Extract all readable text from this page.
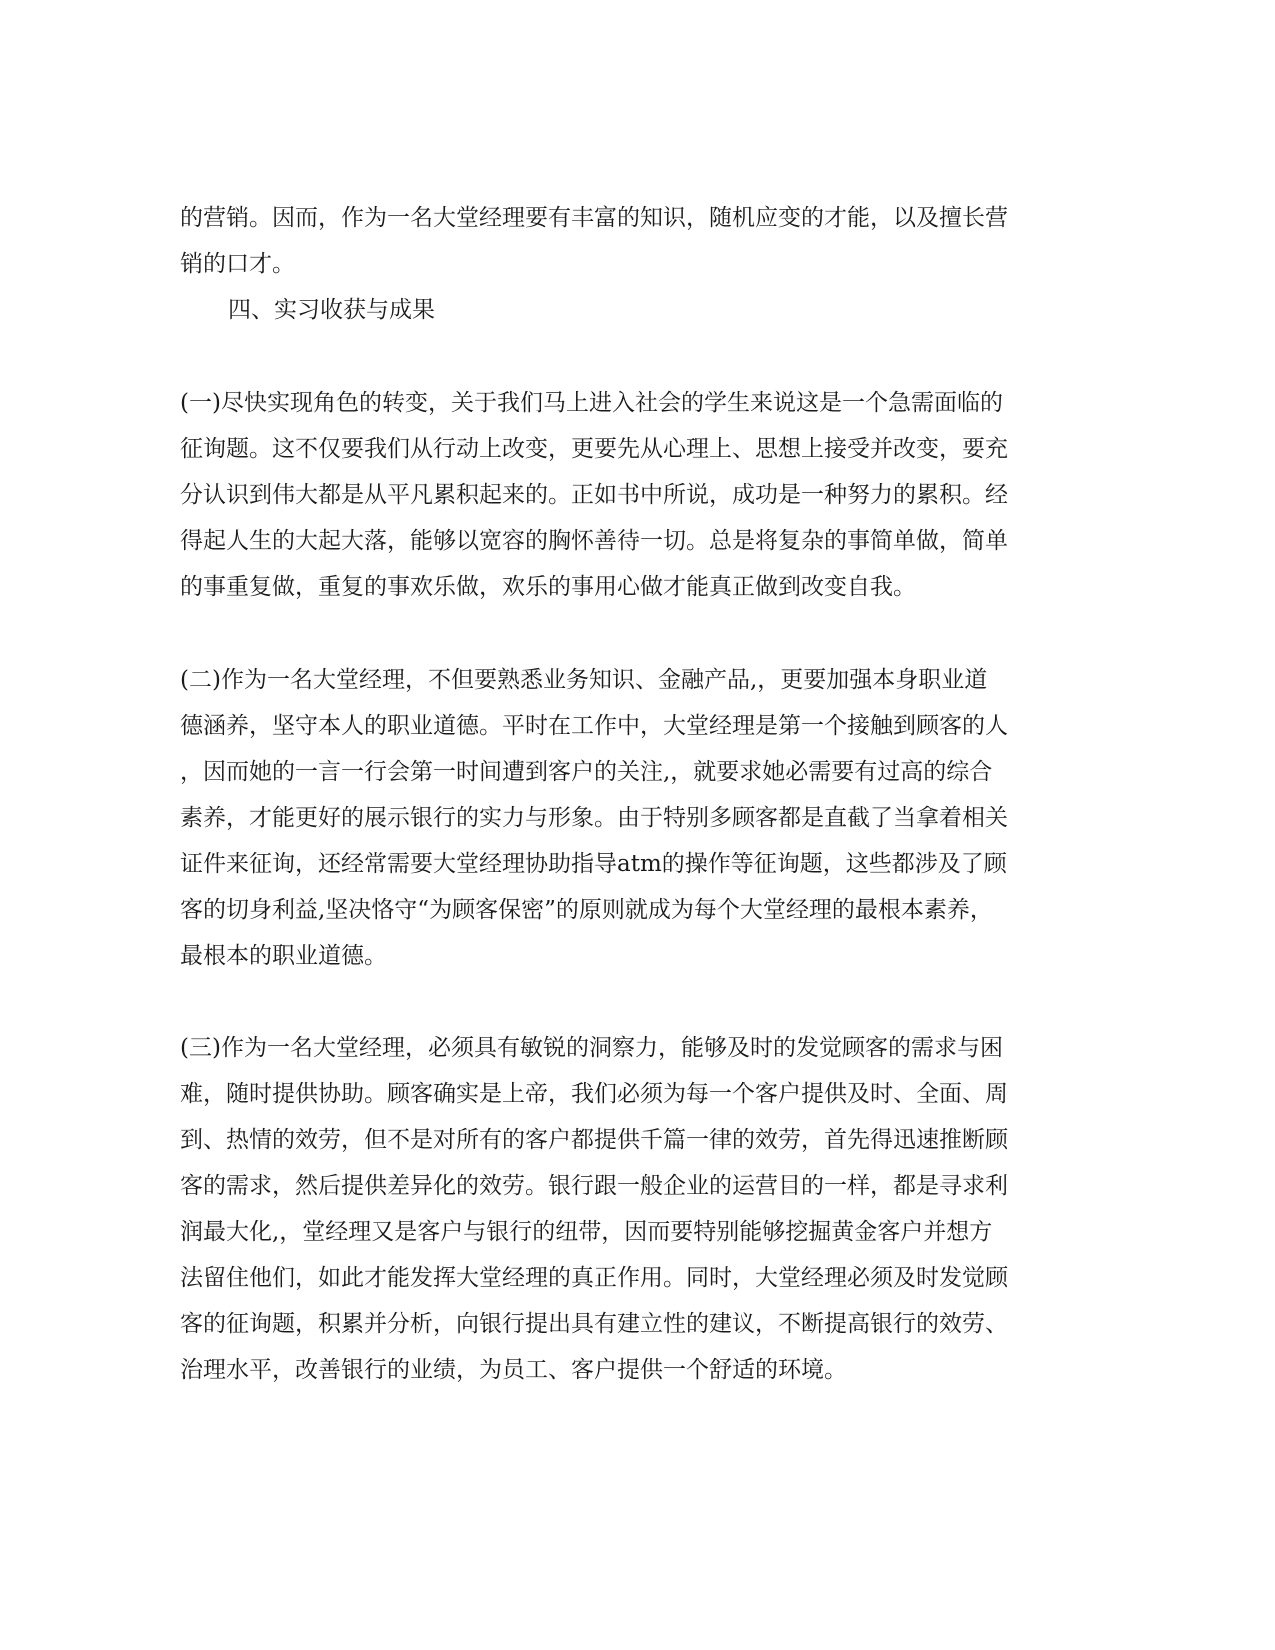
的营销。因而，作为一名大堂经理要有丰富的知识，随机应变的才能，以及擅长营
销的口才。
四、实习收获与成果
(一)尽快实现角色的转变，关于我们马上进入社会的学生来说这是一个急需面临的
征询题。这不仅要我们从行动上改变，更要先从心理上、思想上接受并改变，要充
分认识到伟大都是从平凡累积起来的。正如书中所说，成功是一种努力的累积。经
得起人生的大起大落，能够以宽容的胸怀善待一切。总是将复杂的事简单做，简单
的事重复做，重复的事欢乐做，欢乐的事用心做才能真正做到改变自我。
(二)作为一名大堂经理，不但要熟悉业务知识、金融产品,，更要加强本身职业道
德涵养，坚守本人的职业道德。平时在工作中，大堂经理是第一个接触到顾客的人
，因而她的一言一行会第一时间遭到客户的关注,，就要求她必需要有过高的综合
素养，才能更好的展示银行的实力与形象。由于特别多顾客都是直截了当拿着相关
证件来征询，还经常需要大堂经理协助指导atm的操作等征询题，这些都涉及了顾
客的切身利益,坚决恪守“为顾客保密”的原则就成为每个大堂经理的最根本素养，
最根本的职业道德。
(三)作为一名大堂经理，必须具有敏锐的洞察力，能够及时的发觉顾客的需求与困
难，随时提供协助。顾客确实是上帝，我们必须为每一个客户提供及时、全面、周
到、热情的效劳，但不是对所有的客户都提供千篇一律的效劳，首先得迅速推断顾
客的需求，然后提供差异化的效劳。银行跟一般企业的运营目的一样，都是寻求利
润最大化,，堂经理又是客户与银行的纽带，因而要特别能够挖掘黄金客户并想方
法留住他们，如此才能发挥大堂经理的真正作用。同时，大堂经理必须及时发觉顾
客的征询题，积累并分析，向银行提出具有建立性的建议，不断提高银行的效劳、
治理水平，改善银行的业绩，为员工、客户提供一个舒适的环境。
